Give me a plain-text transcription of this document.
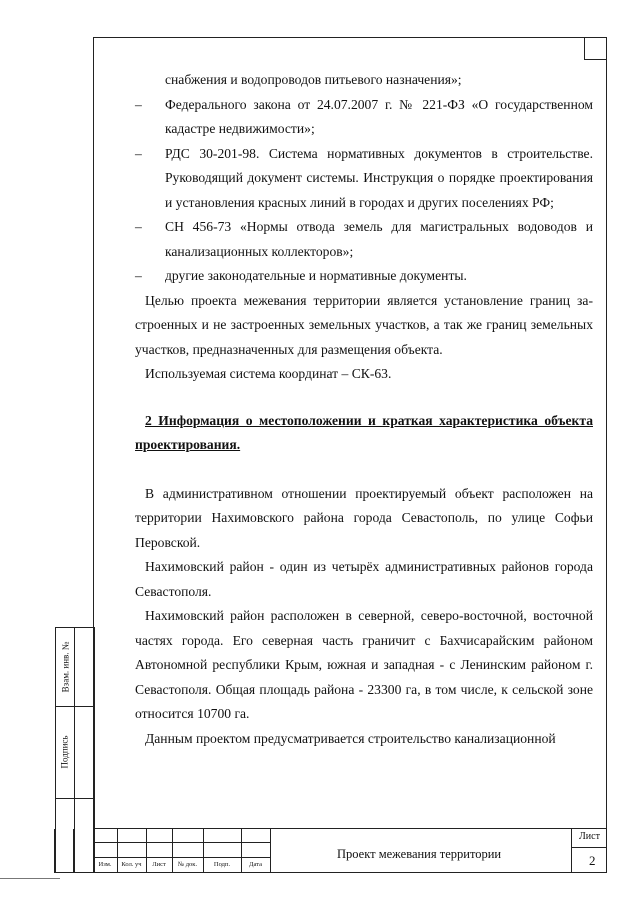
снабжения и водопроводов питьевого назначения»;

– Федерального закона от 24.07.2007 г. № 221-ФЗ «О государственном кадастре недвижимости»;

– РДС 30-201-98. Система нормативных документов в строительстве. Руководящий документ системы. Инструкция о порядке проектирования и установления красных линий в городах и других поселениях РФ;

– СН 456-73 «Нормы отвода земель для магистральных водоводов и канализационных коллекторов»;

– другие законодательные и нормативные документы.

Целью проекта межевания территории является установление границ застроенных и не застроенных земельных участков, а так же границ земельных участков, предназначенных для размещения объекта.

Используемая система координат – СК-63.

2 Информация о местоположении и краткая характеристика объекта проектирования.

В административном отношении проектируемый объект расположен на территории Нахимовского района города Севастополь, по улице Софьи Перовской.

Нахимовский район - один из четырёх административных районов города Севастополя.

Нахимовский район расположен в северной, северо-восточной, восточной частях города. Его северная часть граничит с Бахчисарайским районом Автономной республики Крым, южная и западная - с Ленинским районом г. Севастополя. Общая площадь района - 23300 га, в том числе, к сельской зоне относится 10700 га.

Данным проектом предусматривается строительство канализационной

Взам. инв. №
Подпись
Изм.	Кол. уч	Лист	№ док.	Подп.	Дата
Проект межевания территории
Лист
2
